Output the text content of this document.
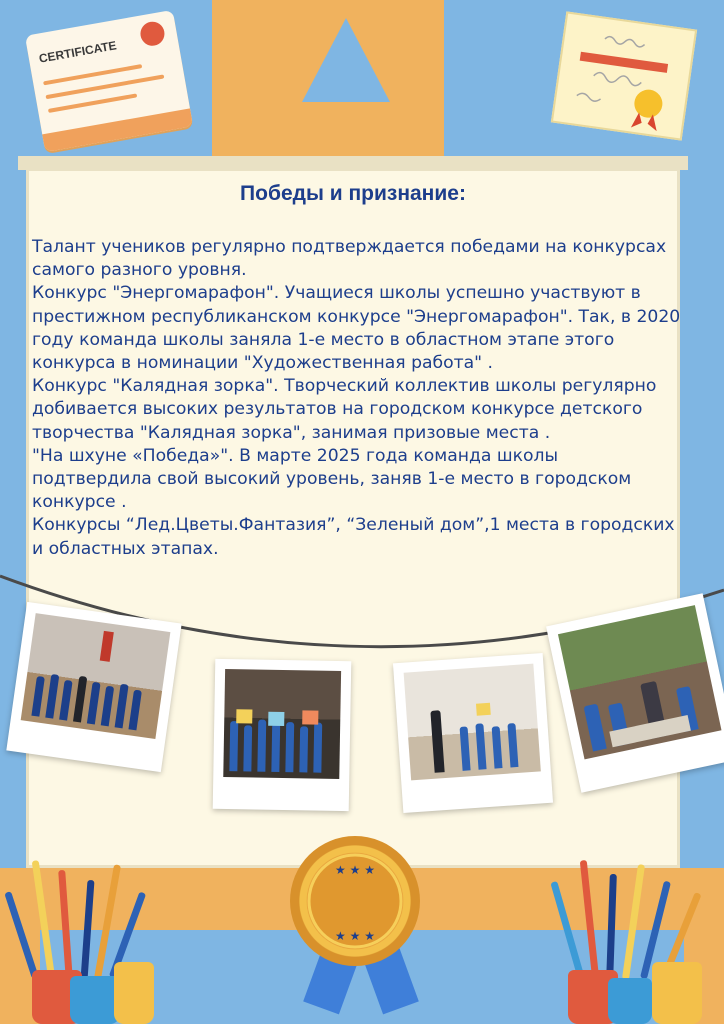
CERTIFICATE
Победы и признание:

Талант учеников регулярно подтверждается победами на конкурсах самого разного уровня.

Конкурс "Энергомарафон". Учащиеся школы успешно участвуют в престижном республиканском конкурсе "Энергомарафон". Так, в 2020 году команда школы заняла 1-е место в областном этапе этого конкурса в номинации "Художественная работа" .

Конкурс "Калядная зорка". Творческий коллектив школы регулярно добивается высоких результатов на городском конкурсе детского творчества "Калядная зорка", занимая призовые места .

"На шхуне «Победа»". В марте 2025 года команда школы подтвердила свой высокий уровень, заняв 1-е место в городском конкурсе .

Конкурсы “Лед.Цветы.Фантазия”, “Зеленый дом”,1 места в городских и областных этапах.

★ ★ ★
★ ★ ★
